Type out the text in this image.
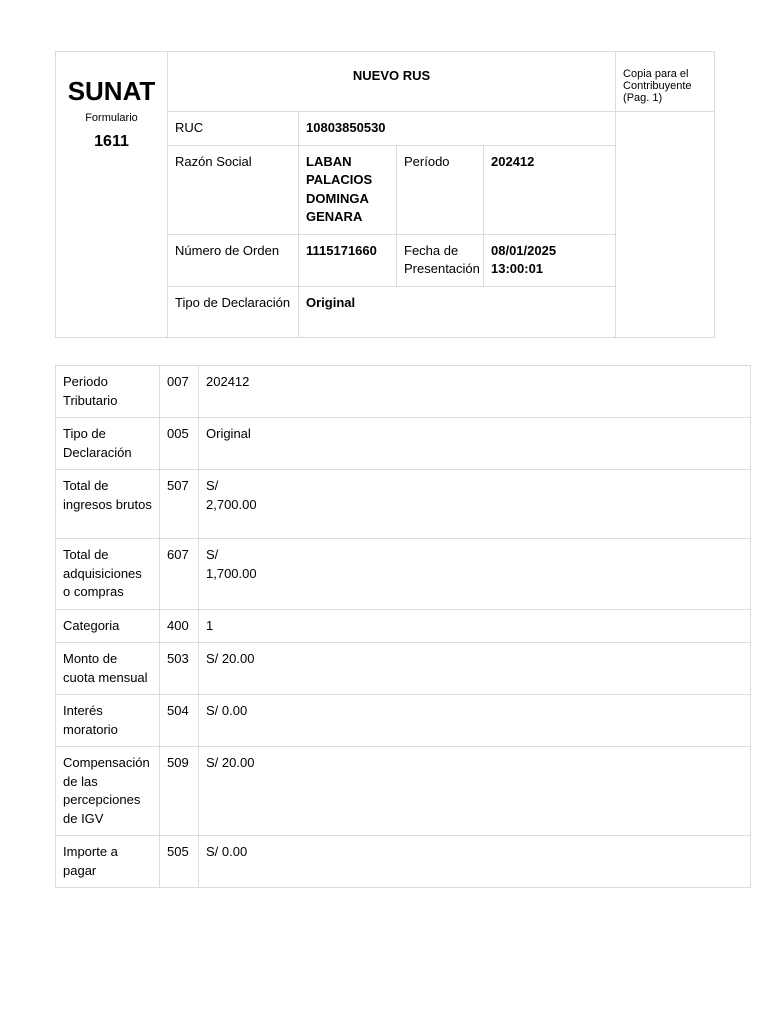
SUNAT
Formulario
1611	NUEVO RUS				Copia para el Contribuyente (Pag. 1)
	RUC	10803850530			
	Razón Social	LABAN PALACIOS DOMINGA GENARA	Período	202412	
	Número de Orden	1115171660	Fecha de Presentación	08/01/2025 13:00:01	
	Tipo de Declaración	Original			
Periodo Tributario	007	202412
Tipo de Declaración	005	Original
Total de ingresos brutos	507	S/ 2,700.00
Total de adquisiciones o compras	607	S/ 1,700.00
Categoria	400	1
Monto de cuota mensual	503	S/ 20.00
Interés moratorio	504	S/ 0.00
Compensación de las percepciones de IGV	509	S/ 20.00
Importe a pagar	505	S/ 0.00
